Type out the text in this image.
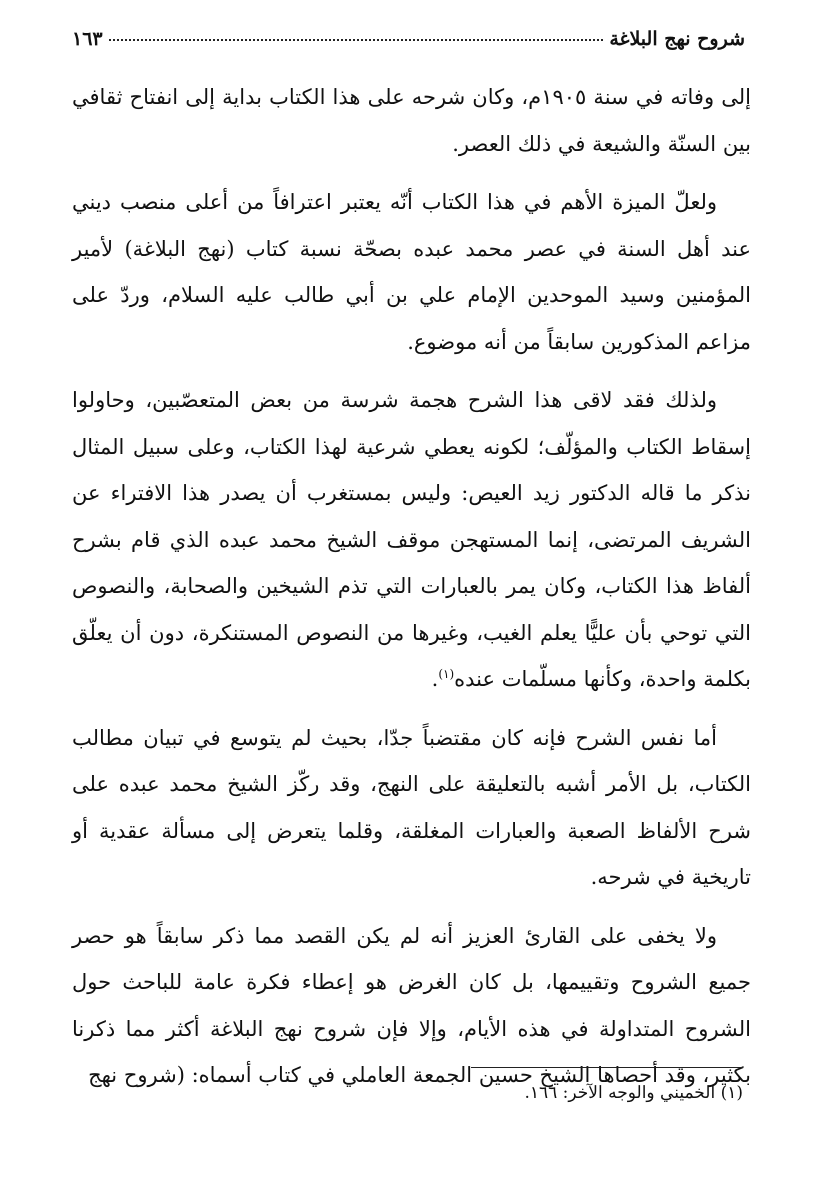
شروح نهج البلاغة
١٦٣

إلى وفاته في سنة ١٩٠٥م، وكان شرحه على هذا الكتاب بداية إلى انفتاح ثقافي بين السنّة والشيعة في ذلك العصر.

ولعلّ الميزة الأهم في هذا الكتاب أنّه يعتبر اعترافاً من أعلى منصب ديني عند أهل السنة في عصر محمد عبده بصحّة نسبة كتاب (نهج البلاغة) لأمير المؤمنين وسيد الموحدين الإمام علي بن أبي طالب عليه السلام، وردّ على مزاعم المذكورين سابقاً من أنه موضوع.

ولذلك فقد لاقى هذا الشرح هجمة شرسة من بعض المتعصّبين، وحاولوا إسقاط الكتاب والمؤلّف؛ لكونه يعطي شرعية لهذا الكتاب، وعلى سبيل المثال نذكر ما قاله الدكتور زيد العيص: وليس بمستغرب أن يصدر هذا الافتراء عن الشريف المرتضى، إنما المستهجن موقف الشيخ محمد عبده الذي قام بشرح ألفاظ هذا الكتاب، وكان يمر بالعبارات التي تذم الشيخين والصحابة، والنصوص التي توحي بأن عليًّا يعلم الغيب، وغيرها من النصوص المستنكرة، دون أن يعلّق بكلمة واحدة، وكأنها مسلّمات عنده$^{(١)}$.

أما نفس الشرح فإنه كان مقتضباً جدّا، بحيث لم يتوسع في تبيان مطالب الكتاب، بل الأمر أشبه بالتعليقة على النهج، وقد ركّز الشيخ محمد عبده على شرح الألفاظ الصعبة والعبارات المغلقة، وقلما يتعرض إلى مسألة عقدية أو تاريخية في شرحه.

ولا يخفى على القارئ العزيز أنه لم يكن القصد مما ذكر سابقاً هو حصر جميع الشروح وتقييمها، بل كان الغرض هو إعطاء فكرة عامة للباحث حول الشروح المتداولة في هذه الأيام، وإلا فإن شروح نهج البلاغة أكثر مما ذكرنا بكثير، وقد أحصاها الشيخ حسين الجمعة العاملي في كتاب أسماه: (شروح نهج

(١) الخميني والوجه الآخر: ١٦٦.
